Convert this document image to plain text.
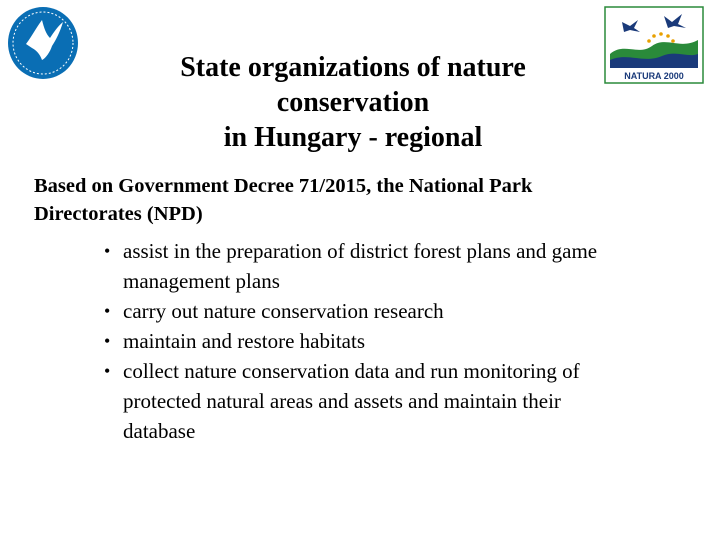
NATURA 2000
State organizations of nature
conservation
in Hungary - regional
Based on Government Decree 71/2015, the National Park
Directorates (NPD)
• assist in the preparation of district forest plans and game
management plans
• carry out nature conservation research
• maintain and restore habitats
• collect nature conservation data and run monitoring of
protected natural areas and assets and maintain their
database
